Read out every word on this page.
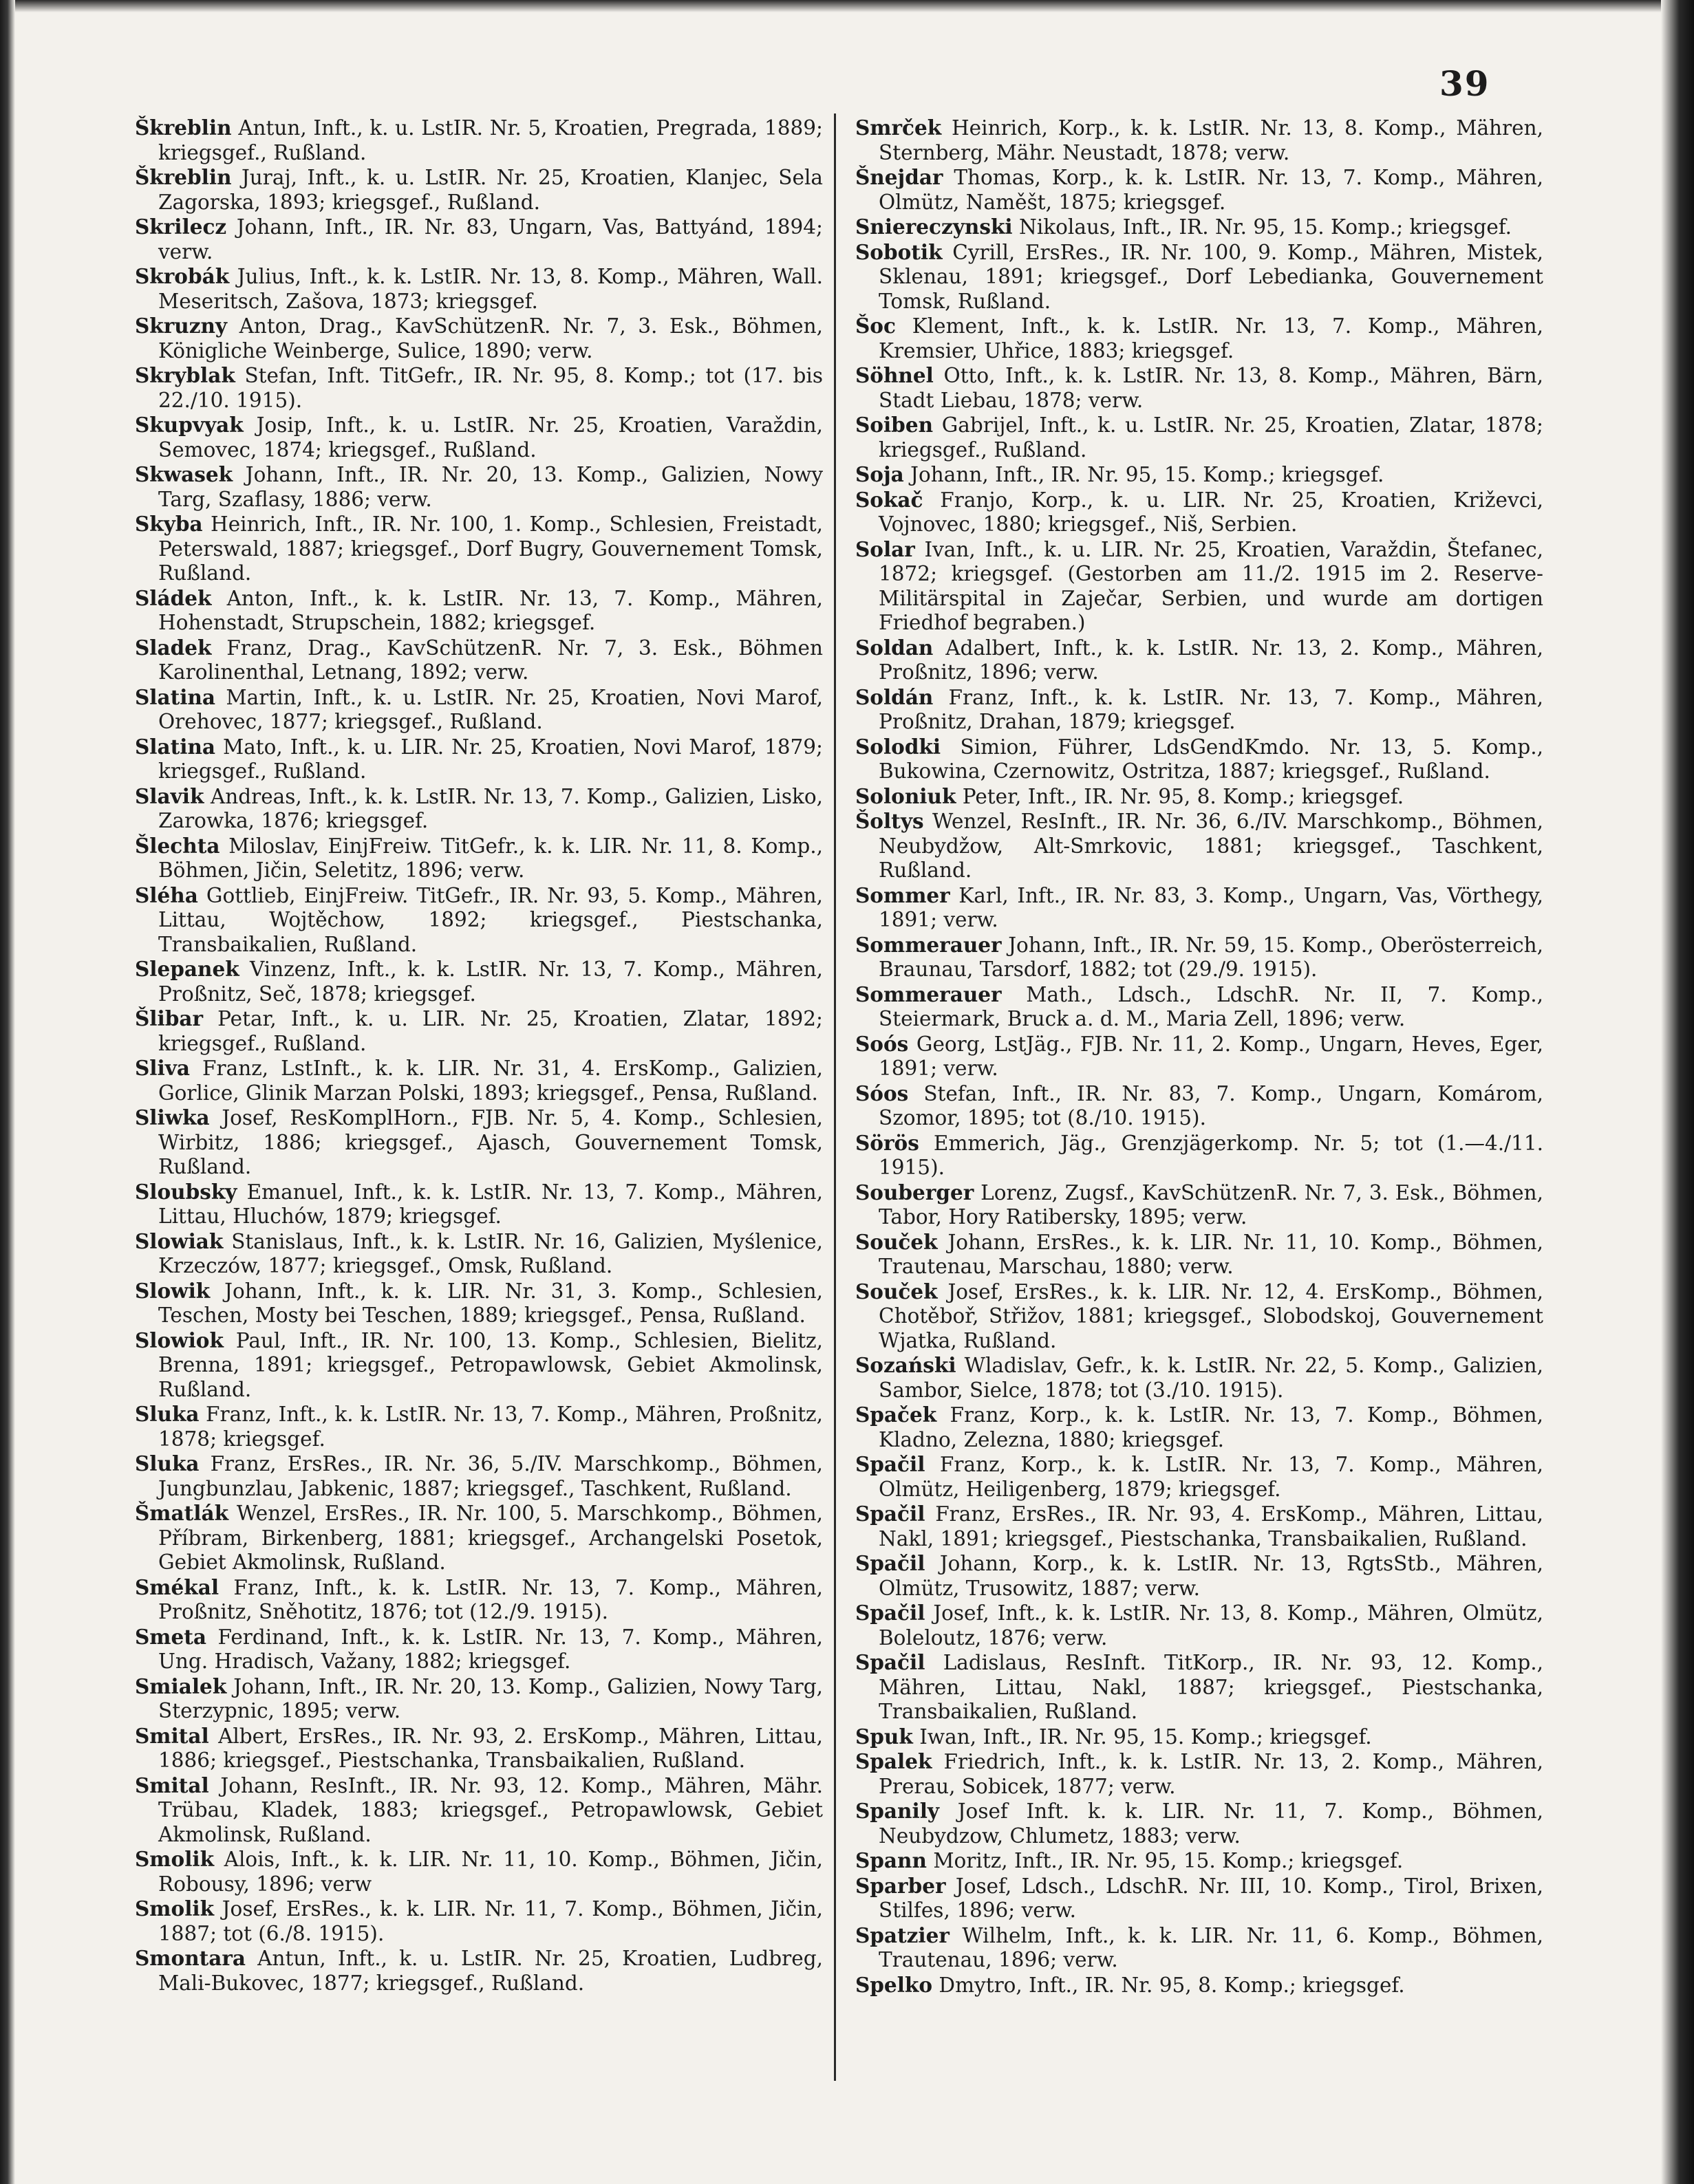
39

Škreblin Antun, Inft., k. u. LstIR. Nr. 5, Kroatien, Pregrada, 1889; kriegsgef., Rußland.

Škreblin Juraj, Inft., k. u. LstIR. Nr. 25, Kroatien, Klanjec, Sela Zagorska, 1893; kriegsgef., Rußland.

Skrilecz Johann, Inft., IR. Nr. 83, Ungarn, Vas, Battyánd, 1894; verw.

Skrobák Julius, Inft., k. k. LstIR. Nr. 13, 8. Komp., Mähren, Wall. Meseritsch, Zašova, 1873; kriegsgef.

Skruzny Anton, Drag., KavSchützenR. Nr. 7, 3. Esk., Böhmen, Königliche Weinberge, Sulice, 1890; verw.

Skryblak Stefan, Inft. TitGefr., IR. Nr. 95, 8. Komp.; tot (17. bis 22./10. 1915).

Skupvyak Josip, Inft., k. u. LstIR. Nr. 25, Kroatien, Varaždin, Semovec, 1874; kriegsgef., Rußland.

Skwasek Johann, Inft., IR. Nr. 20, 13. Komp., Galizien, Nowy Targ, Szaflasy, 1886; verw.

Skyba Heinrich, Inft., IR. Nr. 100, 1. Komp., Schlesien, Freistadt, Peterswald, 1887; kriegsgef., Dorf Bugry, Gouvernement Tomsk, Rußland.

Sládek Anton, Inft., k. k. LstIR. Nr. 13, 7. Komp., Mähren, Hohenstadt, Strupschein, 1882; kriegsgef.

Sladek Franz, Drag., KavSchützenR. Nr. 7, 3. Esk., Böhmen Karolinenthal, Letnang, 1892; verw.

Slatina Martin, Inft., k. u. LstIR. Nr. 25, Kroatien, Novi Marof, Orehovec, 1877; kriegsgef., Rußland.

Slatina Mato, Inft., k. u. LIR. Nr. 25, Kroatien, Novi Marof, 1879; kriegsgef., Rußland.

Slavik Andreas, Inft., k. k. LstIR. Nr. 13, 7. Komp., Galizien, Lisko, Zarowka, 1876; kriegsgef.

Šlechta Miloslav, EinjFreiw. TitGefr., k. k. LIR. Nr. 11, 8. Komp., Böhmen, Jičin, Seletitz, 1896; verw.

Sléha Gottlieb, EinjFreiw. TitGefr., IR. Nr. 93, 5. Komp., Mähren, Littau, Wojtěchow, 1892; kriegsgef., Piestschanka, Transbaikalien, Rußland.

Slepanek Vinzenz, Inft., k. k. LstIR. Nr. 13, 7. Komp., Mähren, Proßnitz, Seč, 1878; kriegsgef.

Šlibar Petar, Inft., k. u. LIR. Nr. 25, Kroatien, Zlatar, 1892; kriegsgef., Rußland.

Sliva Franz, LstInft., k. k. LIR. Nr. 31, 4. ErsKomp., Galizien, Gorlice, Glinik Marzan Polski, 1893; kriegsgef., Pensa, Rußland.

Sliwka Josef, ResKomplHorn., FJB. Nr. 5, 4. Komp., Schlesien, Wirbitz, 1886; kriegsgef., Ajasch, Gouvernement Tomsk, Rußland.

Sloubsky Emanuel, Inft., k. k. LstIR. Nr. 13, 7. Komp., Mähren, Littau, Hluchów, 1879; kriegsgef.

Slowiak Stanislaus, Inft., k. k. LstIR. Nr. 16, Galizien, Myślenice, Krzeczów, 1877; kriegsgef., Omsk, Rußland.

Slowik Johann, Inft., k. k. LIR. Nr. 31, 3. Komp., Schlesien, Teschen, Mosty bei Teschen, 1889; kriegsgef., Pensa, Rußland.

Slowiok Paul, Inft., IR. Nr. 100, 13. Komp., Schlesien, Bielitz, Brenna, 1891; kriegsgef., Petropawlowsk, Gebiet Akmolinsk, Rußland.

Sluka Franz, Inft., k. k. LstIR. Nr. 13, 7. Komp., Mähren, Proßnitz, 1878; kriegsgef.

Sluka Franz, ErsRes., IR. Nr. 36, 5./IV. Marschkomp., Böhmen, Jungbunzlau, Jabkenic, 1887; kriegsgef., Taschkent, Rußland.

Šmatlák Wenzel, ErsRes., IR. Nr. 100, 5. Marschkomp., Böhmen, Příbram, Birkenberg, 1881; kriegsgef., Archangelski Posetok, Gebiet Akmolinsk, Rußland.

Smékal Franz, Inft., k. k. LstIR. Nr. 13, 7. Komp., Mähren, Proßnitz, Sněhotitz, 1876; tot (12./9. 1915).

Smeta Ferdinand, Inft., k. k. LstIR. Nr. 13, 7. Komp., Mähren, Ung. Hradisch, Važany, 1882; kriegsgef.

Smialek Johann, Inft., IR. Nr. 20, 13. Komp., Galizien, Nowy Targ, Sterzypnic, 1895; verw.

Smital Albert, ErsRes., IR. Nr. 93, 2. ErsKomp., Mähren, Littau, 1886; kriegsgef., Piestschanka, Transbaikalien, Rußland.

Smital Johann, ResInft., IR. Nr. 93, 12. Komp., Mähren, Mähr. Trübau, Kladek, 1883; kriegsgef., Petropawlowsk, Gebiet Akmolinsk, Rußland.

Smolik Alois, Inft., k. k. LIR. Nr. 11, 10. Komp., Böhmen, Jičin, Robousy, 1896; verw

Smolik Josef, ErsRes., k. k. LIR. Nr. 11, 7. Komp., Böhmen, Jičin, 1887; tot (6./8. 1915).

Smontara Antun, Inft., k. u. LstIR. Nr. 25, Kroatien, Ludbreg, Mali-Bukovec, 1877; kriegsgef., Rußland.

Smrček Heinrich, Korp., k. k. LstIR. Nr. 13, 8. Komp., Mähren, Sternberg, Mähr. Neustadt, 1878; verw.

Šnejdar Thomas, Korp., k. k. LstIR. Nr. 13, 7. Komp., Mähren, Olmütz, Naměšt, 1875; kriegsgef.

Sniereczynski Nikolaus, Inft., IR. Nr. 95, 15. Komp.; kriegsgef.

Sobotik Cyrill, ErsRes., IR. Nr. 100, 9. Komp., Mähren, Mistek, Sklenau, 1891; kriegsgef., Dorf Lebedianka, Gouvernement Tomsk, Rußland.

Šoc Klement, Inft., k. k. LstIR. Nr. 13, 7. Komp., Mähren, Kremsier, Uhřice, 1883; kriegsgef.

Söhnel Otto, Inft., k. k. LstIR. Nr. 13, 8. Komp., Mähren, Bärn, Stadt Liebau, 1878; verw.

Soiben Gabrijel, Inft., k. u. LstIR. Nr. 25, Kroatien, Zlatar, 1878; kriegsgef., Rußland.

Soja Johann, Inft., IR. Nr. 95, 15. Komp.; kriegsgef.

Sokač Franjo, Korp., k. u. LIR. Nr. 25, Kroatien, Križevci, Vojnovec, 1880; kriegsgef., Niš, Serbien.

Solar Ivan, Inft., k. u. LIR. Nr. 25, Kroatien, Varaždin, Štefanec, 1872; kriegsgef. (Gestorben am 11./2. 1915 im 2. Reserve-Militärspital in Zaječar, Serbien, und wurde am dortigen Friedhof begraben.)

Soldan Adalbert, Inft., k. k. LstIR. Nr. 13, 2. Komp., Mähren, Proßnitz, 1896; verw.

Soldán Franz, Inft., k. k. LstIR. Nr. 13, 7. Komp., Mähren, Proßnitz, Drahan, 1879; kriegsgef.

Solodki Simion, Führer, LdsGendKmdo. Nr. 13, 5. Komp., Bukowina, Czernowitz, Ostritza, 1887; kriegsgef., Rußland.

Soloniuk Peter, Inft., IR. Nr. 95, 8. Komp.; kriegsgef.

Šoltys Wenzel, ResInft., IR. Nr. 36, 6./IV. Marschkomp., Böhmen, Neubydžow, Alt-Smrkovic, 1881; kriegsgef., Taschkent, Rußland.

Sommer Karl, Inft., IR. Nr. 83, 3. Komp., Ungarn, Vas, Vörthegy, 1891; verw.

Sommerauer Johann, Inft., IR. Nr. 59, 15. Komp., Oberösterreich, Braunau, Tarsdorf, 1882; tot (29./9. 1915).

Sommerauer Math., Ldsch., LdschR. Nr. II, 7. Komp., Steiermark, Bruck a. d. M., Maria Zell, 1896; verw.

Soós Georg, LstJäg., FJB. Nr. 11, 2. Komp., Ungarn, Heves, Eger, 1891; verw.

Sóos Stefan, Inft., IR. Nr. 83, 7. Komp., Ungarn, Komárom, Szomor, 1895; tot (8./10. 1915).

Sörös Emmerich, Jäg., Grenzjägerkomp. Nr. 5; tot (1.—4./11. 1915).

Souberger Lorenz, Zugsf., KavSchützenR. Nr. 7, 3. Esk., Böhmen, Tabor, Hory Ratibersky, 1895; verw.

Souček Johann, ErsRes., k. k. LIR. Nr. 11, 10. Komp., Böhmen, Trautenau, Marschau, 1880; verw.

Souček Josef, ErsRes., k. k. LIR. Nr. 12, 4. ErsKomp., Böhmen, Chotěboř, Střižov, 1881; kriegsgef., Slobodskoj, Gouvernement Wjatka, Rußland.

Sozański Wladislav, Gefr., k. k. LstIR. Nr. 22, 5. Komp., Galizien, Sambor, Sielce, 1878; tot (3./10. 1915).

Spaček Franz, Korp., k. k. LstIR. Nr. 13, 7. Komp., Böhmen, Kladno, Zelezna, 1880; kriegsgef.

Spačil Franz, Korp., k. k. LstIR. Nr. 13, 7. Komp., Mähren, Olmütz, Heiligenberg, 1879; kriegsgef.

Spačil Franz, ErsRes., IR. Nr. 93, 4. ErsKomp., Mähren, Littau, Nakl, 1891; kriegsgef., Piestschanka, Transbaikalien, Rußland.

Spačil Johann, Korp., k. k. LstIR. Nr. 13, RgtsStb., Mähren, Olmütz, Trusowitz, 1887; verw.

Spačil Josef, Inft., k. k. LstIR. Nr. 13, 8. Komp., Mähren, Olmütz, Boleloutz, 1876; verw.

Spačil Ladislaus, ResInft. TitKorp., IR. Nr. 93, 12. Komp., Mähren, Littau, Nakl, 1887; kriegsgef., Piestschanka, Transbaikalien, Rußland.

Spuk Iwan, Inft., IR. Nr. 95, 15. Komp.; kriegsgef.

Spalek Friedrich, Inft., k. k. LstIR. Nr. 13, 2. Komp., Mähren, Prerau, Sobicek, 1877; verw.

Spanily Josef Inft. k. k. LIR. Nr. 11, 7. Komp., Böhmen, Neubydzow, Chlumetz, 1883; verw.

Spann Moritz, Inft., IR. Nr. 95, 15. Komp.; kriegsgef.

Sparber Josef, Ldsch., LdschR. Nr. III, 10. Komp., Tirol, Brixen, Stilfes, 1896; verw.

Spatzier Wilhelm, Inft., k. k. LIR. Nr. 11, 6. Komp., Böhmen, Trautenau, 1896; verw.

Spelko Dmytro, Inft., IR. Nr. 95, 8. Komp.; kriegsgef.
